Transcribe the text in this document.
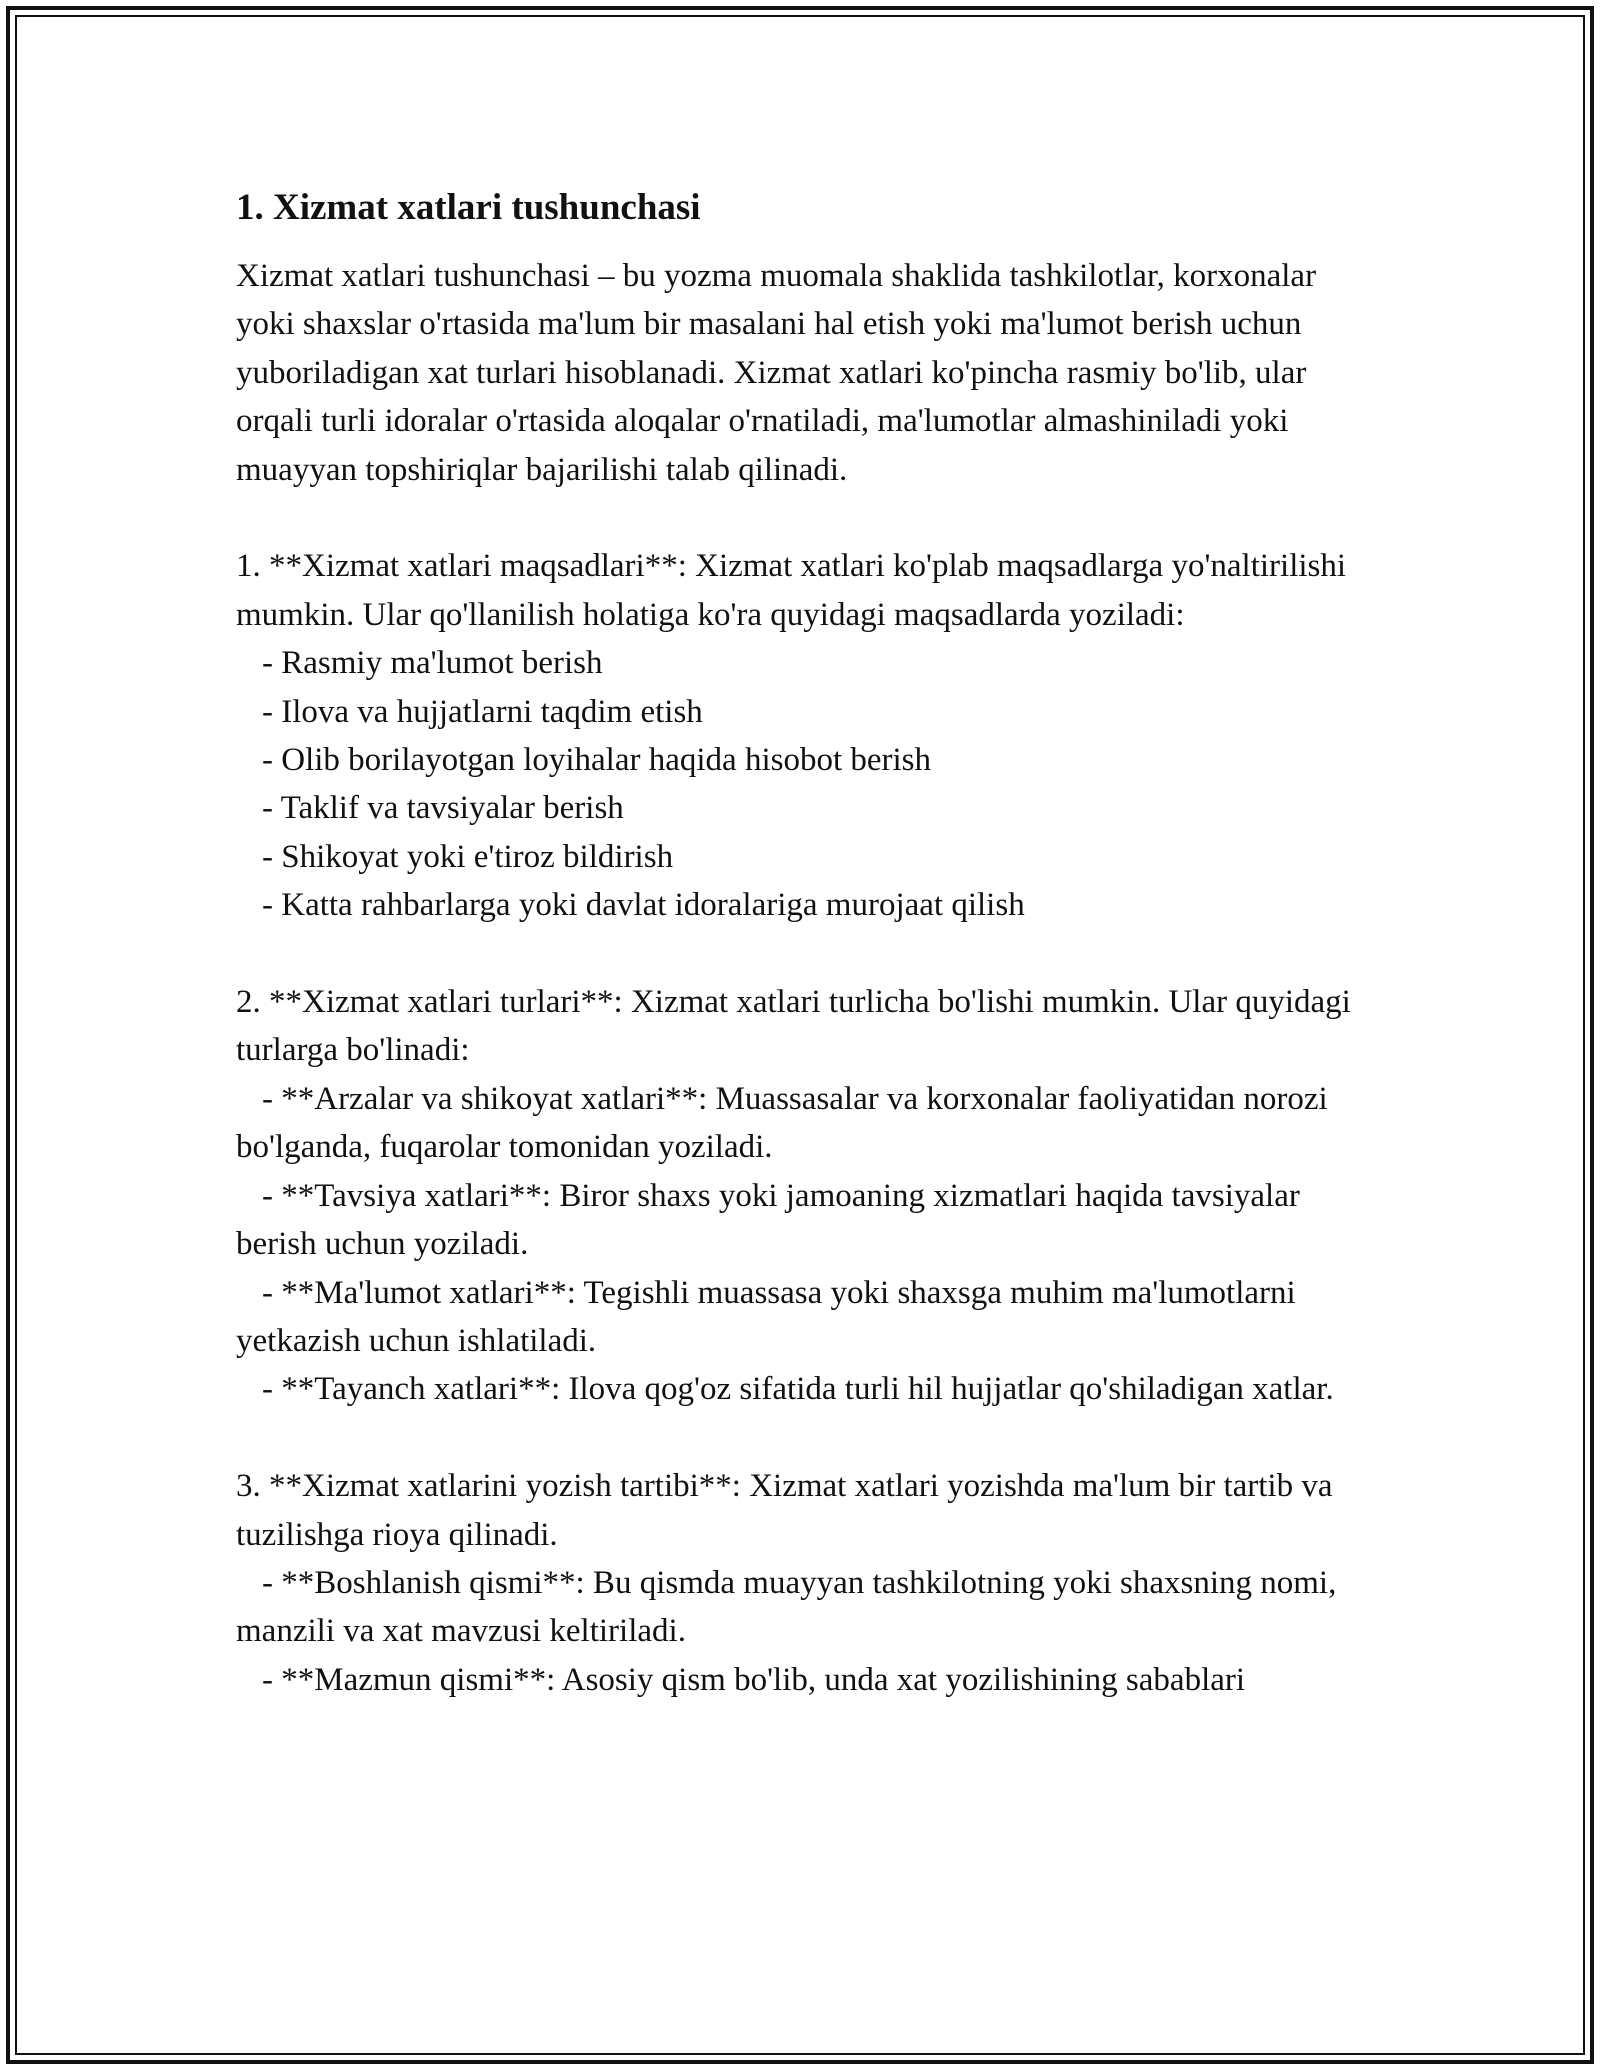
1. Xizmat xatlari tushunchasi

Xizmat xatlari tushunchasi – bu yozma muomala shaklida tashkilotlar, korxonalar yoki shaxslar o'rtasida ma'lum bir masalani hal etish yoki ma'lumot berish uchun yuboriladigan xat turlari hisoblanadi. Xizmat xatlari ko'pincha rasmiy bo'lib, ular orqali turli idoralar o'rtasida aloqalar o'rnatiladi, ma'lumotlar almashiniladi yoki muayyan topshiriqlar bajarilishi talab qilinadi.

1. **Xizmat xatlari maqsadlari**: Xizmat xatlari ko'plab maqsadlarga yo'naltirilishi mumkin. Ular qo'llanilish holatiga ko'ra quyidagi maqsadlarda yoziladi:

- Rasmiy ma'lumot berish

- Ilova va hujjatlarni taqdim etish

- Olib borilayotgan loyihalar haqida hisobot berish

- Taklif va tavsiyalar berish

- Shikoyat yoki e'tiroz bildirish

- Katta rahbarlarga yoki davlat idoralariga murojaat qilish

2. **Xizmat xatlari turlari**: Xizmat xatlari turlicha bo'lishi mumkin. Ular quyidagi turlarga bo'linadi:

- **Arzalar va shikoyat xatlari**: Muassasalar va korxonalar faoliyatidan norozi bo'lganda, fuqarolar tomonidan yoziladi.

- **Tavsiya xatlari**: Biror shaxs yoki jamoaning xizmatlari haqida tavsiyalar berish uchun yoziladi.

- **Ma'lumot xatlari**: Tegishli muassasa yoki shaxsga muhim ma'lumotlarni yetkazish uchun ishlatiladi.

- **Tayanch xatlari**: Ilova qog'oz sifatida turli hil hujjatlar qo'shiladigan xatlar.

3. **Xizmat xatlarini yozish tartibi**: Xizmat xatlari yozishda ma'lum bir tartib va tuzilishga rioya qilinadi.

- **Boshlanish qismi**: Bu qismda muayyan tashkilotning yoki shaxsning nomi, manzili va xat mavzusi keltiriladi.

- **Mazmun qismi**: Asosiy qism bo'lib, unda xat yozilishining sabablari
